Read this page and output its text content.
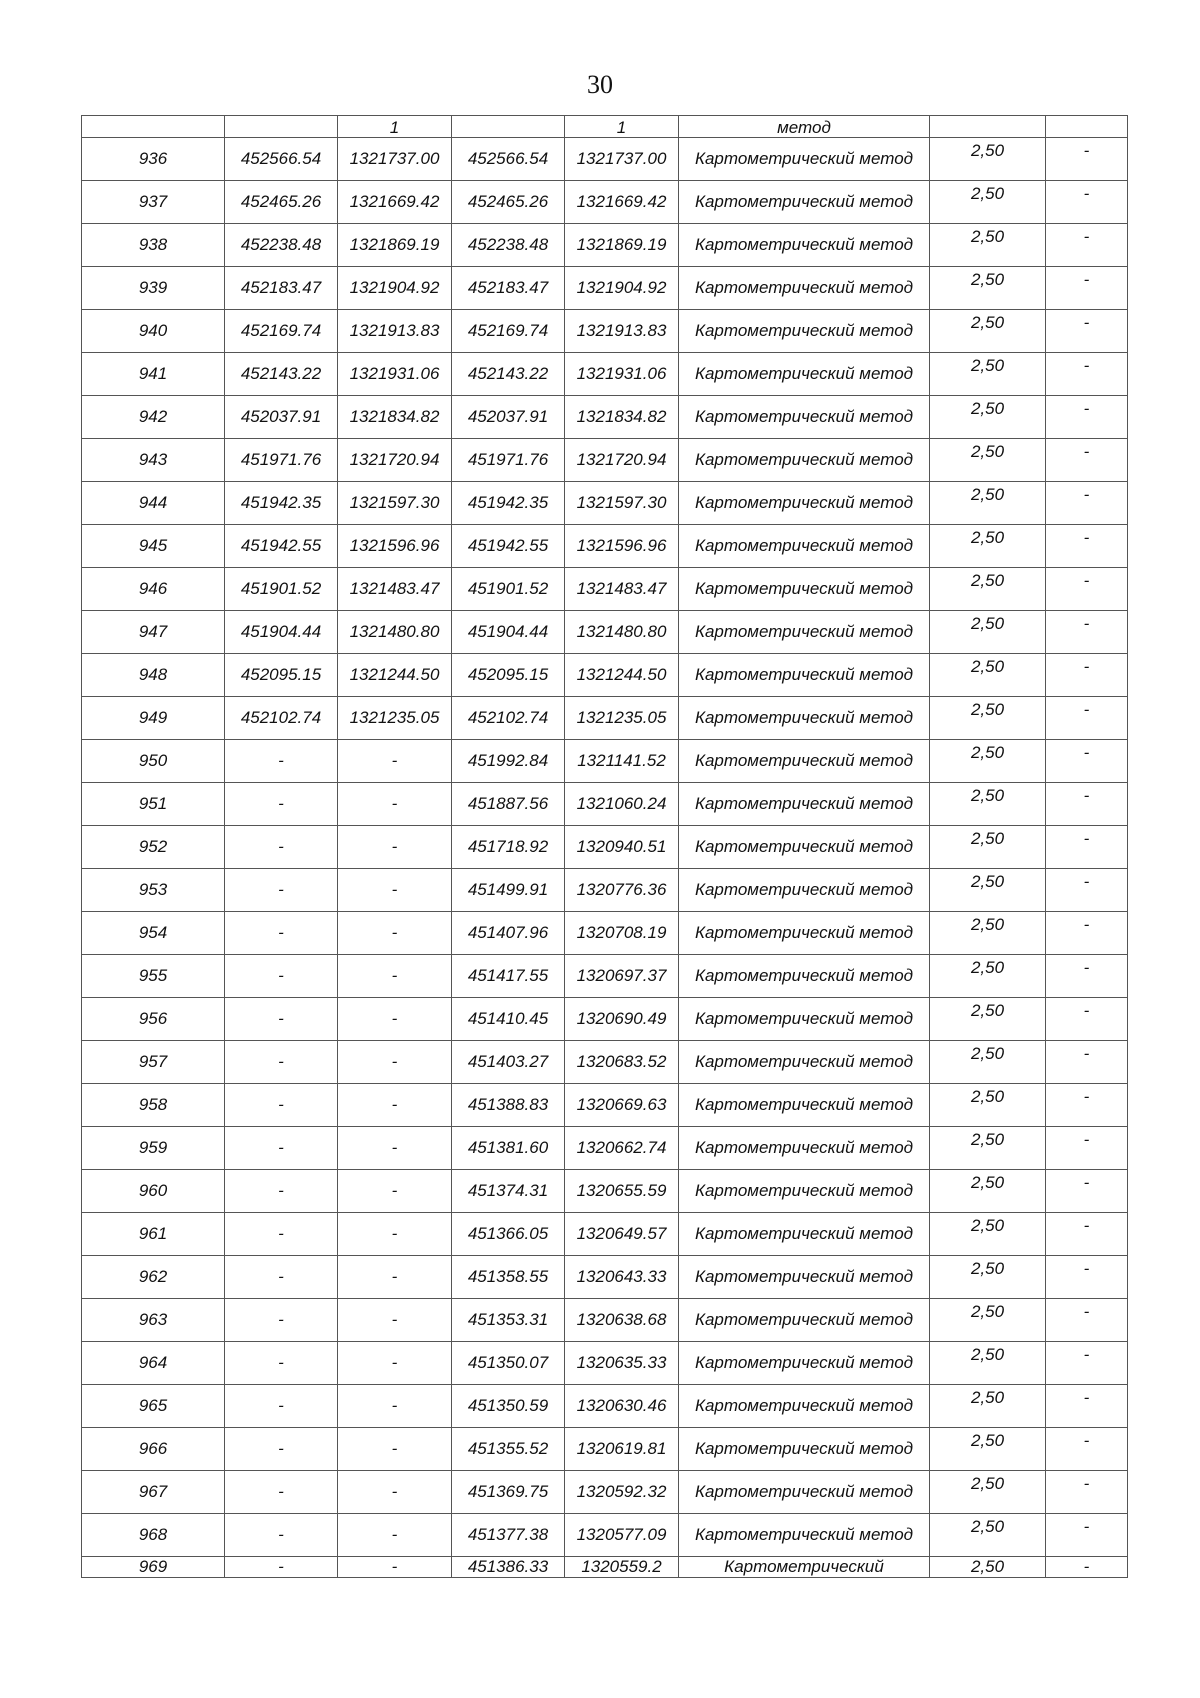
30
		1		1	метод		
936	452566.54	1321737.00	452566.54	1321737.00	Картометрический метод	2,50	-
937	452465.26	1321669.42	452465.26	1321669.42	Картометрический метод	2,50	-
938	452238.48	1321869.19	452238.48	1321869.19	Картометрический метод	2,50	-
939	452183.47	1321904.92	452183.47	1321904.92	Картометрический метод	2,50	-
940	452169.74	1321913.83	452169.74	1321913.83	Картометрический метод	2,50	-
941	452143.22	1321931.06	452143.22	1321931.06	Картометрический метод	2,50	-
942	452037.91	1321834.82	452037.91	1321834.82	Картометрический метод	2,50	-
943	451971.76	1321720.94	451971.76	1321720.94	Картометрический метод	2,50	-
944	451942.35	1321597.30	451942.35	1321597.30	Картометрический метод	2,50	-
945	451942.55	1321596.96	451942.55	1321596.96	Картометрический метод	2,50	-
946	451901.52	1321483.47	451901.52	1321483.47	Картометрический метод	2,50	-
947	451904.44	1321480.80	451904.44	1321480.80	Картометрический метод	2,50	-
948	452095.15	1321244.50	452095.15	1321244.50	Картометрический метод	2,50	-
949	452102.74	1321235.05	452102.74	1321235.05	Картометрический метод	2,50	-
950	-	-	451992.84	1321141.52	Картометрический метод	2,50	-
951	-	-	451887.56	1321060.24	Картометрический метод	2,50	-
952	-	-	451718.92	1320940.51	Картометрический метод	2,50	-
953	-	-	451499.91	1320776.36	Картометрический метод	2,50	-
954	-	-	451407.96	1320708.19	Картометрический метод	2,50	-
955	-	-	451417.55	1320697.37	Картометрический метод	2,50	-
956	-	-	451410.45	1320690.49	Картометрический метод	2,50	-
957	-	-	451403.27	1320683.52	Картометрический метод	2,50	-
958	-	-	451388.83	1320669.63	Картометрический метод	2,50	-
959	-	-	451381.60	1320662.74	Картометрический метод	2,50	-
960	-	-	451374.31	1320655.59	Картометрический метод	2,50	-
961	-	-	451366.05	1320649.57	Картометрический метод	2,50	-
962	-	-	451358.55	1320643.33	Картометрический метод	2,50	-
963	-	-	451353.31	1320638.68	Картометрический метод	2,50	-
964	-	-	451350.07	1320635.33	Картометрический метод	2,50	-
965	-	-	451350.59	1320630.46	Картометрический метод	2,50	-
966	-	-	451355.52	1320619.81	Картометрический метод	2,50	-
967	-	-	451369.75	1320592.32	Картометрический метод	2,50	-
968	-	-	451377.38	1320577.09	Картометрический метод	2,50	-
969	-	-	451386.33	1320559.2	Картометрический	2,50	-
